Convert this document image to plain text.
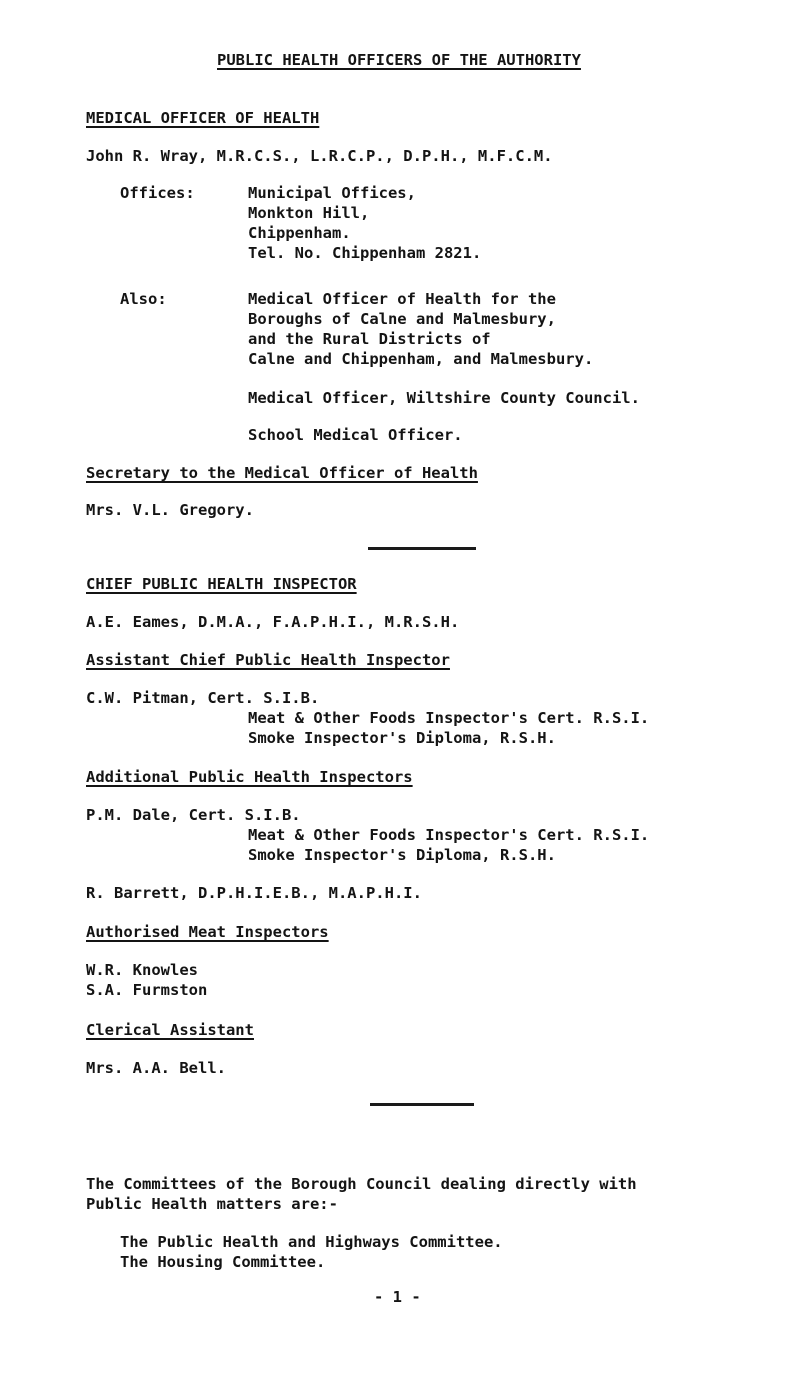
PUBLIC HEALTH OFFICERS OF THE AUTHORITY
MEDICAL OFFICER OF HEALTH
John R. Wray, M.R.C.S., L.R.C.P., D.P.H., M.F.C.M.
Offices:	Municipal Offices,
Monkton Hill,
Chippenham.
Tel. No. Chippenham 2821.
Also:	Medical Officer of Health for the
Boroughs of Calne and Malmesbury,
and the Rural Districts of
Calne and Chippenham, and Malmesbury.
Medical Officer, Wiltshire County Council.
School Medical Officer.
Secretary to the Medical Officer of Health
Mrs. V.L. Gregory.
CHIEF PUBLIC HEALTH INSPECTOR
A.E. Eames, D.M.A., F.A.P.H.I., M.R.S.H.
Assistant Chief Public Health Inspector
C.W. Pitman, Cert. S.I.B.
Meat & Other Foods Inspector's Cert. R.S.I.
Smoke Inspector's Diploma, R.S.H.
Additional Public Health Inspectors
P.M. Dale, Cert. S.I.B.
Meat & Other Foods Inspector's Cert. R.S.I.
Smoke Inspector's Diploma, R.S.H.
R. Barrett, D.P.H.I.E.B., M.A.P.H.I.
Authorised Meat Inspectors
W.R. Knowles
S.A. Furmston
Clerical Assistant
Mrs. A.A. Bell.
The Committees of the Borough Council dealing directly with
Public Health matters are:-
The Public Health and Highways Committee.
The Housing Committee.
- 1 -
